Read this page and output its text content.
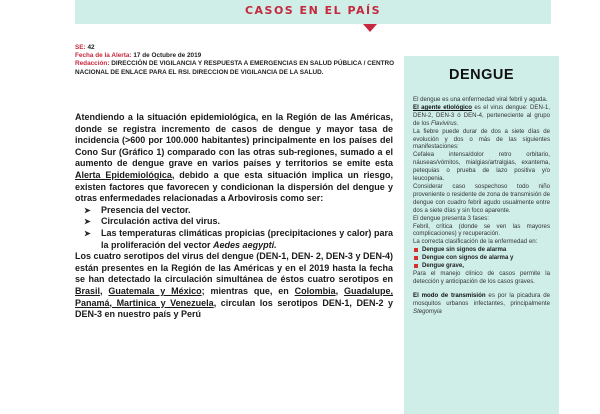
CASOS EN EL PAÍS
SE: 42
Fecha de la Alerta: 17 de Octubre de 2019
Redacción: DIRECCIÓN DE VIGILANCIA Y RESPUESTA A EMERGENCIAS EN SALUD PÚBLICA / CENTRO NACIONAL DE ENLACE PARA EL RSI. DIRECCION DE VIGILANCIA DE LA SALUD.

Atendiendo a la situación epidemiológica, en la Región de las Américas, donde se registra incremento de casos de dengue y mayor tasa de incidencia (>600 por 100.000 habitantes) principalmente en los países del Cono Sur (Gráfico 1) comparado con las otras sub-regiones, sumado a el aumento de dengue grave en varios países y territorios se emite esta Alerta Epidemiológica, debido a que esta situación implica un riesgo, existen factores que favorecen y condicionan la dispersión del dengue y otras enfermedades relacionadas a Arbovirosis como ser:

➤ Presencia del vector.
➤ Circulación activa del virus.
➤ Las temperaturas climáticas propicias (precipitaciones y calor) para la proliferación del vector Aedes aegypti.

Los cuatro serotipos del virus del dengue (DEN-1, DEN- 2, DEN-3 y DEN-4) están presentes en la Región de las Américas y en el 2019 hasta la fecha se han detectado la circulación simultánea de éstos cuatro serotipos en Brasil, Guatemala y México; mientras que, en Colombia, Guadalupe, Panamá, Martinica y Venezuela, circulan los serotipos DEN-1, DEN-2 y DEN-3 en nuestro país y Perú

DENGUE

El dengue es una enfermedad viral febril y aguda.

El agente etiológico es el virus dengue: DEN-1, DEN-2, DEN-3 ó DEN-4, perteneciente al grupo de los Flavivirus.

La fiebre puede durar de dos a siete días de evolución y dos o más de las siguientes manifestaciones:

Cefalea intensa/dolor retro orbitario, náuseas/vómitos, mialgias/artralgias, exantema, petequias o prueba de lazo positiva y/o leucopenia.

Considerar caso sospechoso todo niño proveniente o residente de zona de transmisión de dengue con cuadro febril agudo usualmente entre dos a siete días y sin foco aparente.

El dengue presenta 3 fases:

Febril, crítica (donde se ven las mayores complicaciones) y recuperación.

La correcta clasificación de la enfermedad en:

Dengue sin signos de alarma
Dengue con signos de alarma y
Dengue grave,

Para el manejo clínico de casos permite la detección y anticipación de los casos graves.

El modo de transmisión es por la picadura de mosquitos urbanos infectantes, principalmente Stegomyia
